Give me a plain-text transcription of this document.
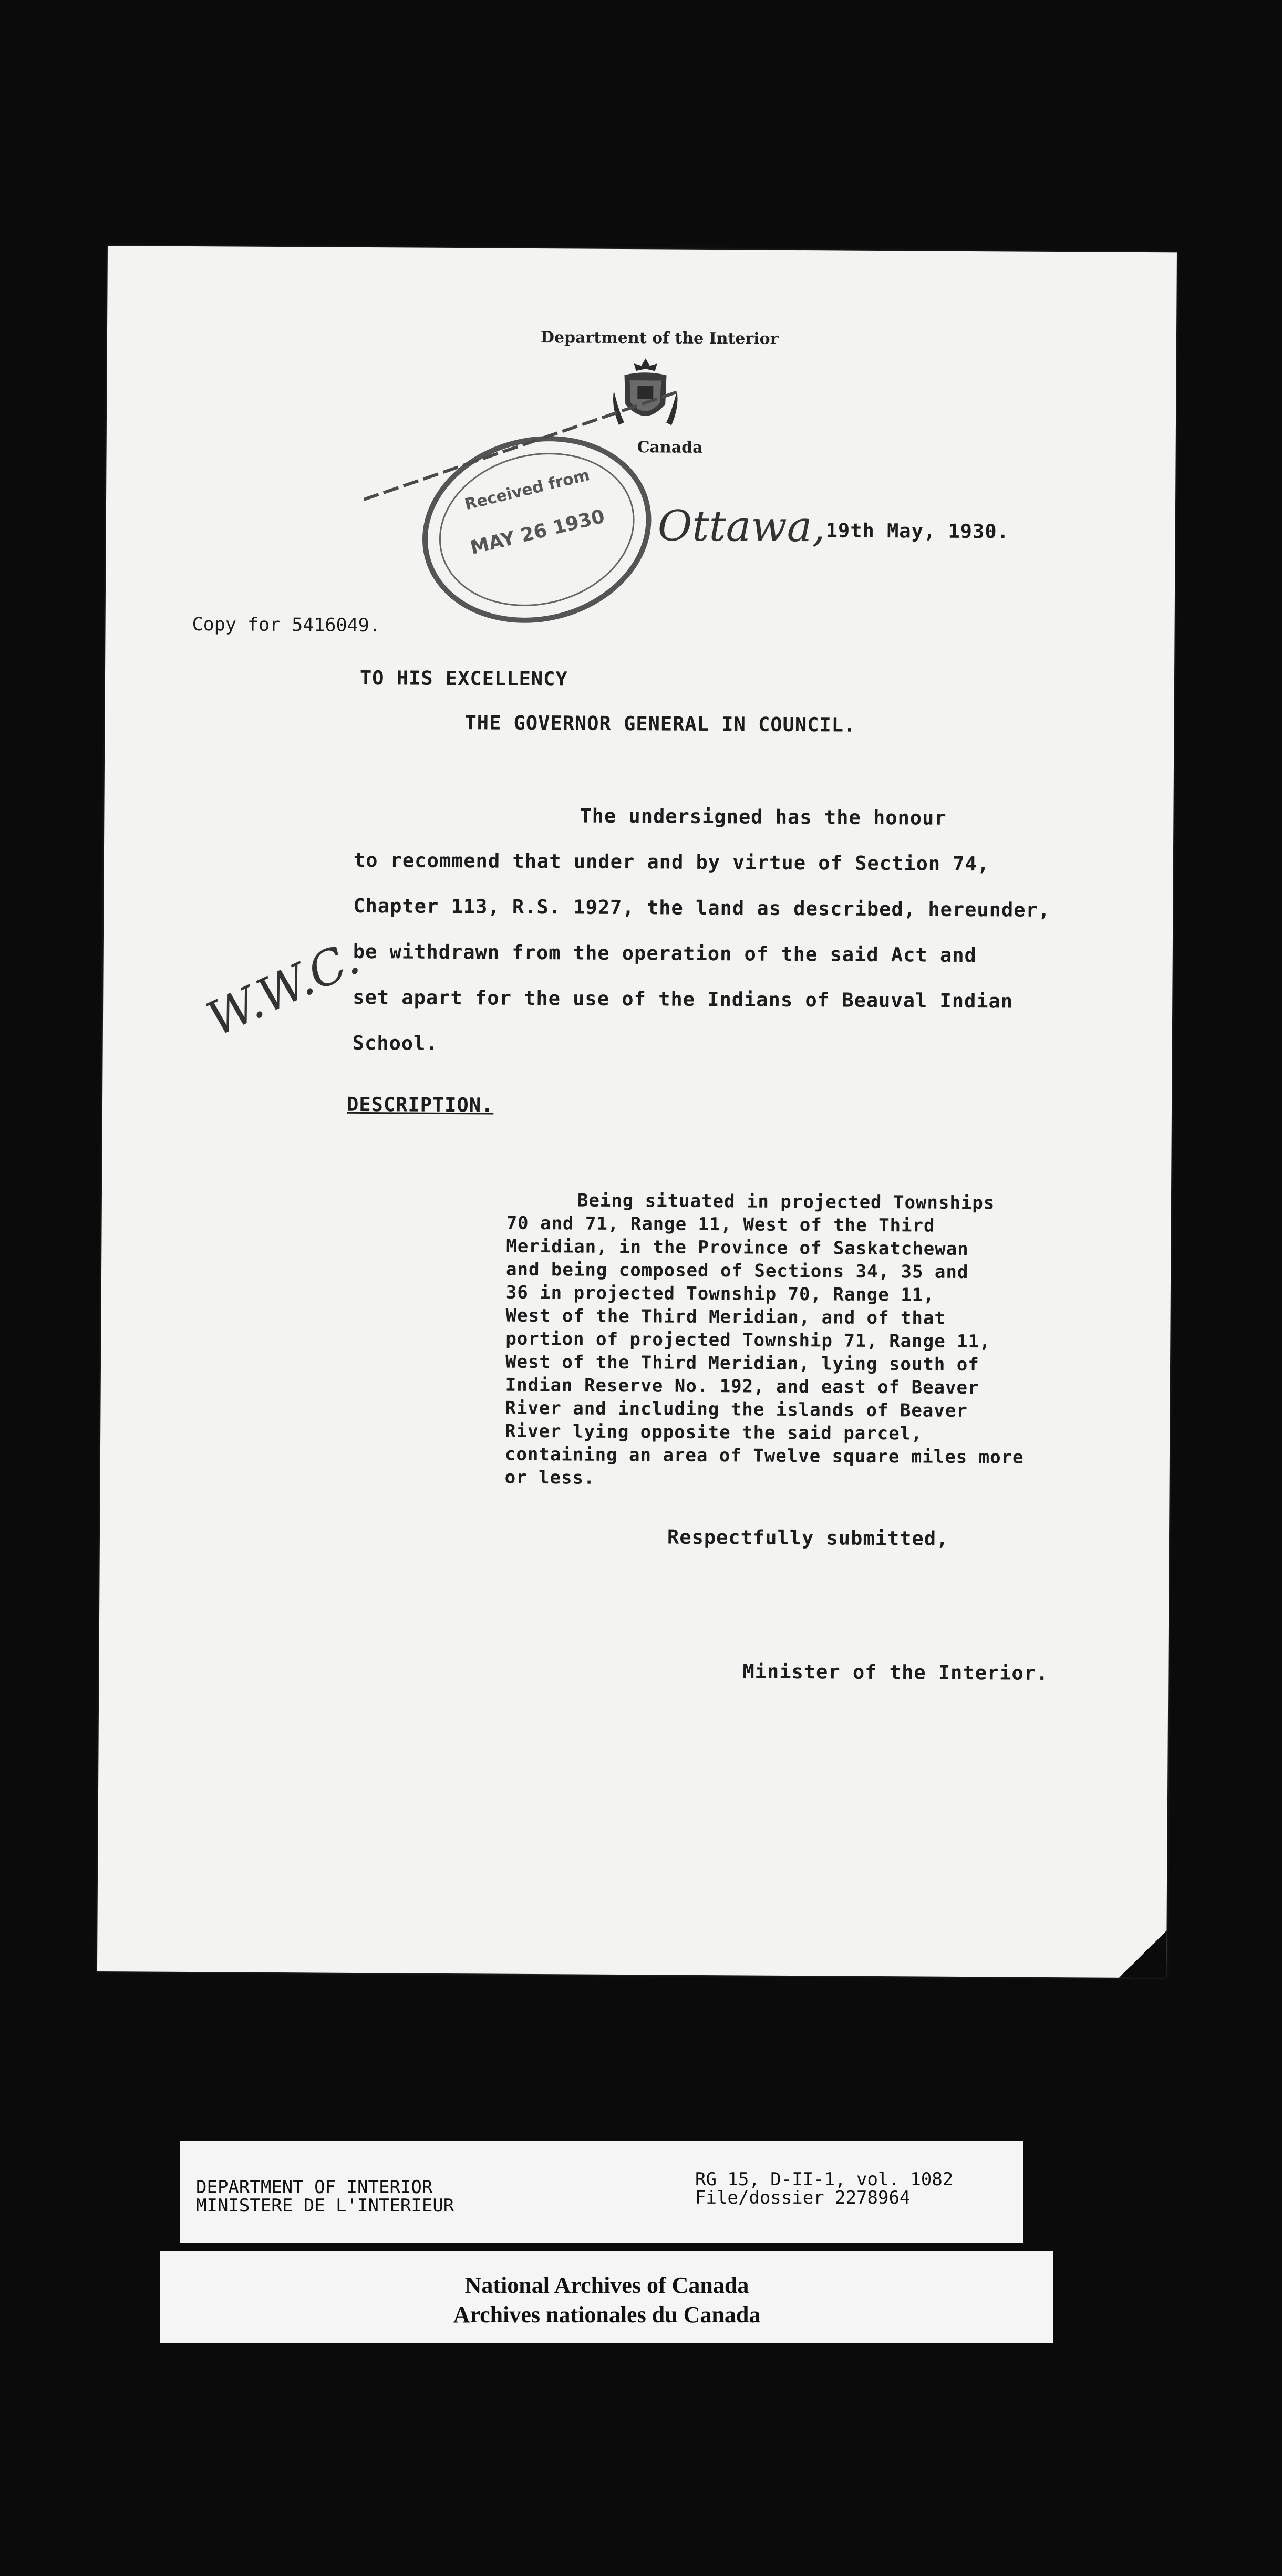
Department of the Interior
Canada
Received from
MAY 26 1930	Ottawa, 19th May, 1930.
Copy for 5416049.
TO HIS EXCELLENCY
THE GOVERNOR GENERAL IN COUNCIL.
The undersigned has the honour
to recommend that under and by virtue of Section 74,
Chapter 113, R.S. 1927, the land as described, hereunder,
be withdrawn from the operation of the said Act and
set apart for the use of the Indians of Beauval Indian
School.
W.W.C.
DESCRIPTION.
Being situated in projected Townships
70 and 71, Range 11, West of the Third
Meridian, in the Province of Saskatchewan
and being composed of Sections 34, 35 and
36 in projected Township 70, Range 11,
West of the Third Meridian, and of that
portion of projected Township 71, Range 11,
West of the Third Meridian, lying south of
Indian Reserve No. 192, and east of Beaver
River and including the islands of Beaver
River lying opposite the said parcel,
containing an area of Twelve square miles more
or less.
Respectfully submitted,
Minister of the Interior.
DEPARTMENT OF INTERIOR
MINISTERE DE L'INTERIEUR
RG 15, D-II-1, vol. 1082
File/dossier 2278964
National Archives of Canada
Archives nationales du Canada
